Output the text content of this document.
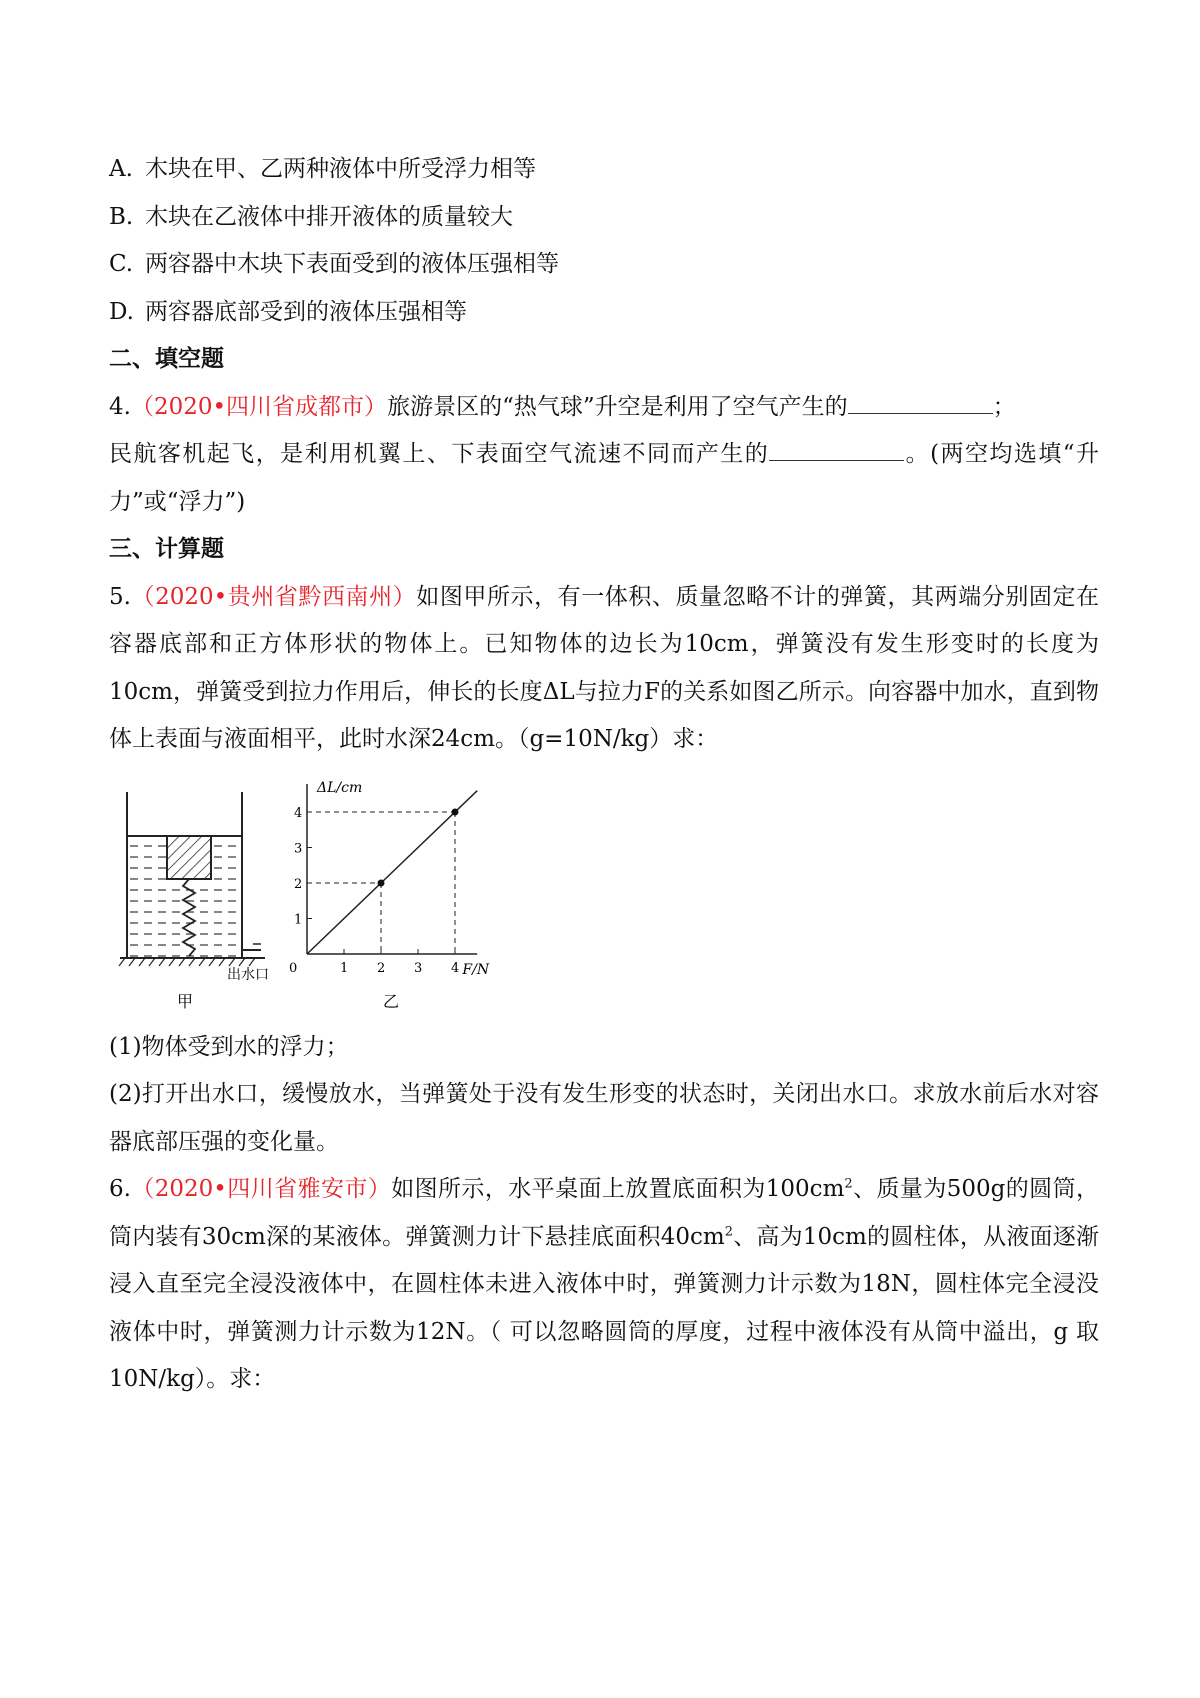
A. 木块在甲、乙两种液体中所受浮力相等
B. 木块在乙液体中排开液体的质量较大
C. 两容器中木块下表面受到的液体压强相等
D. 两容器底部受到的液体压强相等
二、填空题
4.（2020•四川省成都市）旅游景区的“热气球”升空是利用了空气产生的	；
民航客机起飞，是利用机翼上、下表面空气流速不同而产生的	。(两空均选填“升力”或“浮力”)
三、计算题
5.（2020•贵州省黔西南州）如图甲所示，有一体积、质量忽略不计的弹簧，其两端分别固定在容器底部和正方体形状的物体上。已知物体的边长为10cm，弹簧没有发生形变时的长度为10cm，弹簧受到拉力作用后，伸长的长度ΔL与拉力F的关系如图乙所示。向容器中加水，直到物体上表面与液面相平，此时水深24cm。（g=10N/kg）求：
出水口
甲	乙
ΔL/cm
F/N
0	1 2 3 4
1
2
3
4
(1)物体受到水的浮力；
(2)打开出水口，缓慢放水，当弹簧处于没有发生形变的状态时，关闭出水口。求放水前后水对容器底部压强的变化量。
6.（2020•四川省雅安市）如图所示，水平桌面上放置底面积为$100cm^2$、质量为500g的圆筒，筒内装有30cm深的某液体。弹簧测力计下悬挂底面积$40cm^2$、高为10cm的圆柱体，从液面逐渐浸入直至完全浸没液体中，在圆柱体未进入液体中时，弹簧测力计示数为18N，圆柱体完全浸没液体中时，弹簧测力计示数为12N。（ 可以忽略圆筒的厚度，过程中液体没有从筒中溢出，g 取 10N/kg）。求：
